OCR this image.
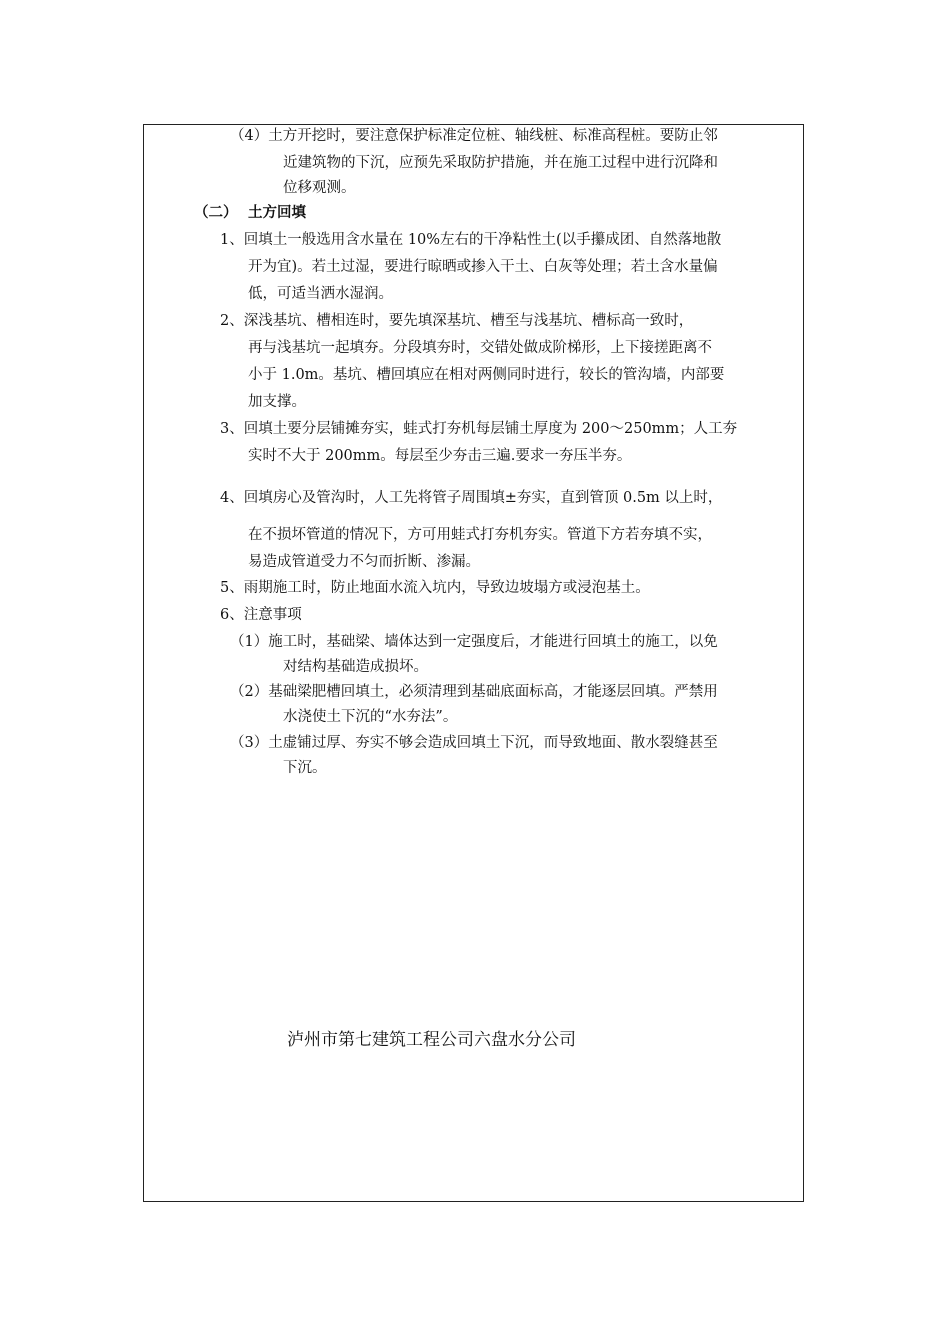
（4）土方开挖时，要注意保护标准定位桩、轴线桩、标准高程桩。要防止邻
近建筑物的下沉，应预先采取防护措施，并在施工过程中进行沉降和
位移观测。
（二） 土方回填
1、回填土一般选用含水量在 10%左右的干净粘性土(以手攥成团、自然落地散
开为宜)。若土过湿，要进行晾晒或掺入干土、白灰等处理；若土含水量偏
低，可适当洒水湿润。
2、深浅基坑、槽相连时，要先填深基坑、槽至与浅基坑、槽标高一致时，
再与浅基坑一起填夯。分段填夯时，交错处做成阶梯形，上下接搓距离不
小于 1.0m。基坑、槽回填应在相对两侧同时进行，较长的管沟墙，内部要
加支撑。
3、回填土要分层铺摊夯实，蛙式打夯机每层铺土厚度为 200～250mm；人工夯
实时不大于 200mm。每层至少夯击三遍.要求一夯压半夯。
4、回填房心及管沟时，人工先将管子周围填±夯实，直到管顶 0.5m 以上时，
在不损坏管道的情况下，方可用蛙式打夯机夯实。管道下方若夯填不实，
易造成管道受力不匀而折断、渗漏。
5、雨期施工时，防止地面水流入坑内，导致边坡塌方或浸泡基土。
6、注意事项
（1）施工时，基础梁、墙体达到一定强度后，才能进行回填土的施工，以免
对结构基础造成损坏。
（2）基础梁肥槽回填土，必须清理到基础底面标高，才能逐层回填。严禁用
水浇使土下沉的“水夯法”。
（3）土虚铺过厚、夯实不够会造成回填土下沉，而导致地面、散水裂缝甚至
下沉。
泸州市第七建筑工程公司六盘水分公司
